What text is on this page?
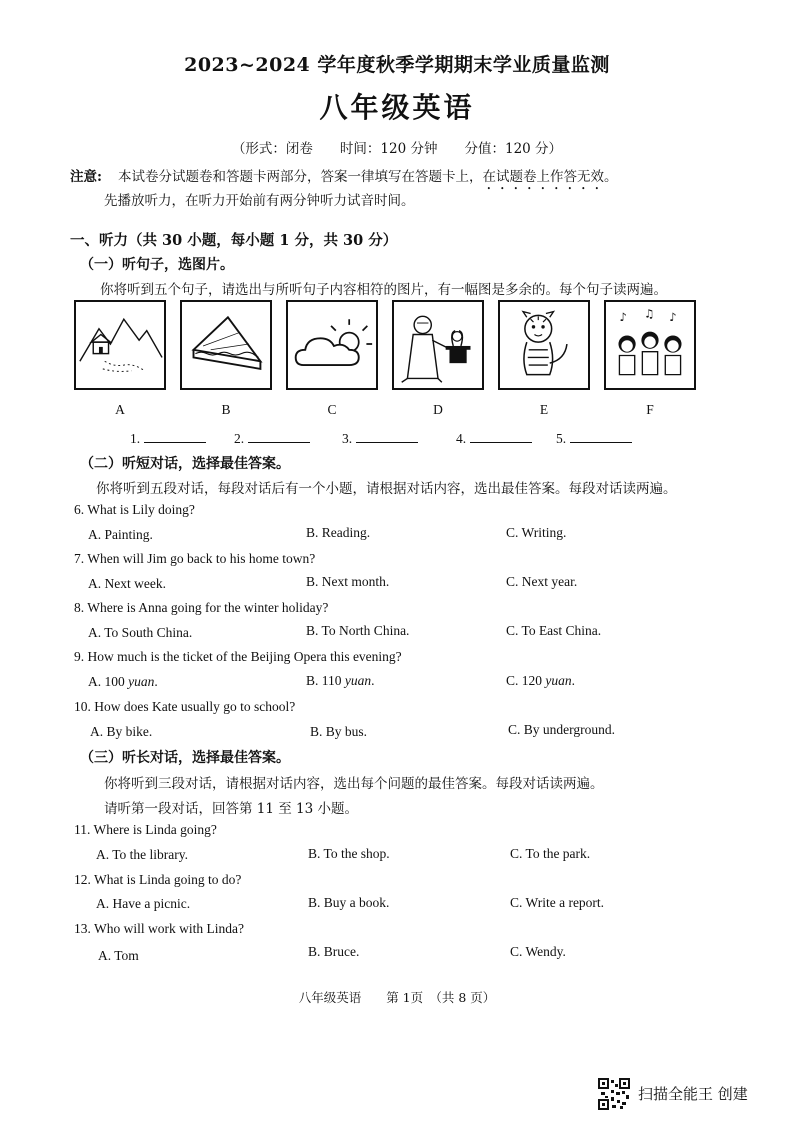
2023~2024 学年度秋季学期期末学业质量监测
八年级英语
（形式：闭卷　　时间：120 分钟　　分值：120 分）
注意: 本试卷分试题卷和答题卡两部分，答案一律填写在答题卡上，在试题卷上作答无效。
先播放听力，在听力开始前有两分钟听力试音时间。
一、听力（共 30 小题，每小题 1 分，共 30 分）
（一）听句子，选图片。
你将听到五个句子，请选出与所听句子内容相符的图片，有一幅图是多余的。每个句子读两遍。
♪ ♫ ♪
A	B	C	D	E	F
1.	2.	3.	4.	5.
（二）听短对话，选择最佳答案。
你将听到五段对话，每段对话后有一个小题，请根据对话内容，选出最佳答案。每段对话读两遍。
6. What is Lily doing?
A. Painting.	B. Reading.	C. Writing.
7. When will Jim go back to his home town?
A. Next week.	B. Next month.	C. Next year.
8. Where is Anna going for the winter holiday?
A. To South China.	B. To North China.	C. To East China.
9. How much is the ticket of the Beijing Opera this evening?
A. 100 yuan.	B. 110 yuan.	C. 120 yuan.
10. How does Kate usually go to school?
A. By bike.	B. By bus.	C. By underground.
（三）听长对话，选择最佳答案。
你将听到三段对话，请根据对话内容，选出每个问题的最佳答案。每段对话读两遍。
请听第一段对话，回答第 11 至 13 小题。
11. Where is Linda going?
A. To the library.	B. To the shop.	C. To the park.
12. What is Linda going to do?
A. Have a picnic.	B. Buy a book.	C. Write a report.
13. Who will work with Linda?
A. Tom	B. Bruce.	C. Wendy.
八年级英语　　第 1页　（共 8 页）
扫描全能王 创建
